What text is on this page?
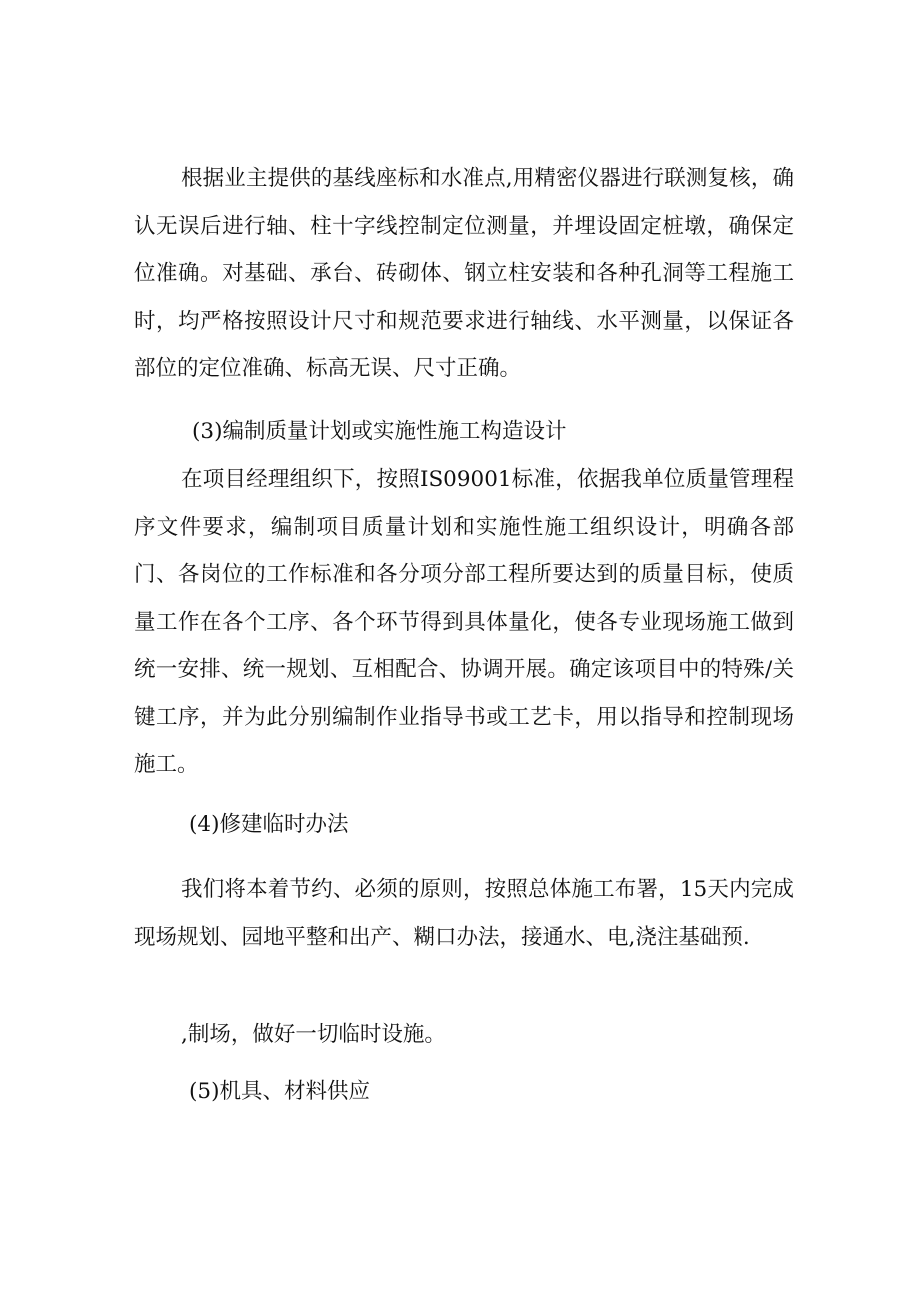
根据业主提供的基线座标和水准点,用精密仪器进行联测复核，确认无误后进行轴、柱十字线控制定位测量，并埋设固定桩墩，确保定位准确。对基础、承台、砖砌体、钢立柱安装和各种孔洞等工程施工时，均严格按照设计尺寸和规范要求进行轴线、水平测量，以保证各部位的定位准确、标高无误、尺寸正确。

(3)编制质量计划或实施性施工构造设计

在项目经理组织下，按照IS09001标准，依据我单位质量管理程序文件要求，编制项目质量计划和实施性施工组织设计，明确各部门、各岗位的工作标准和各分项分部工程所要达到的质量目标，使质量工作在各个工序、各个环节得到具体量化，使各专业现场施工做到统一安排、统一规划、互相配合、协调开展。确定该项目中的特殊/关键工序，并为此分别编制作业指导书或工艺卡，用以指导和控制现场施工。

(4)修建临时办法

我们将本着节约、必须的原则，按照总体施工布署，15天内完成现场规划、园地平整和出产、糊口办法，接通水、电,浇注基础预.

,制场，做好一切临时设施。

(5)机具、材料供应
